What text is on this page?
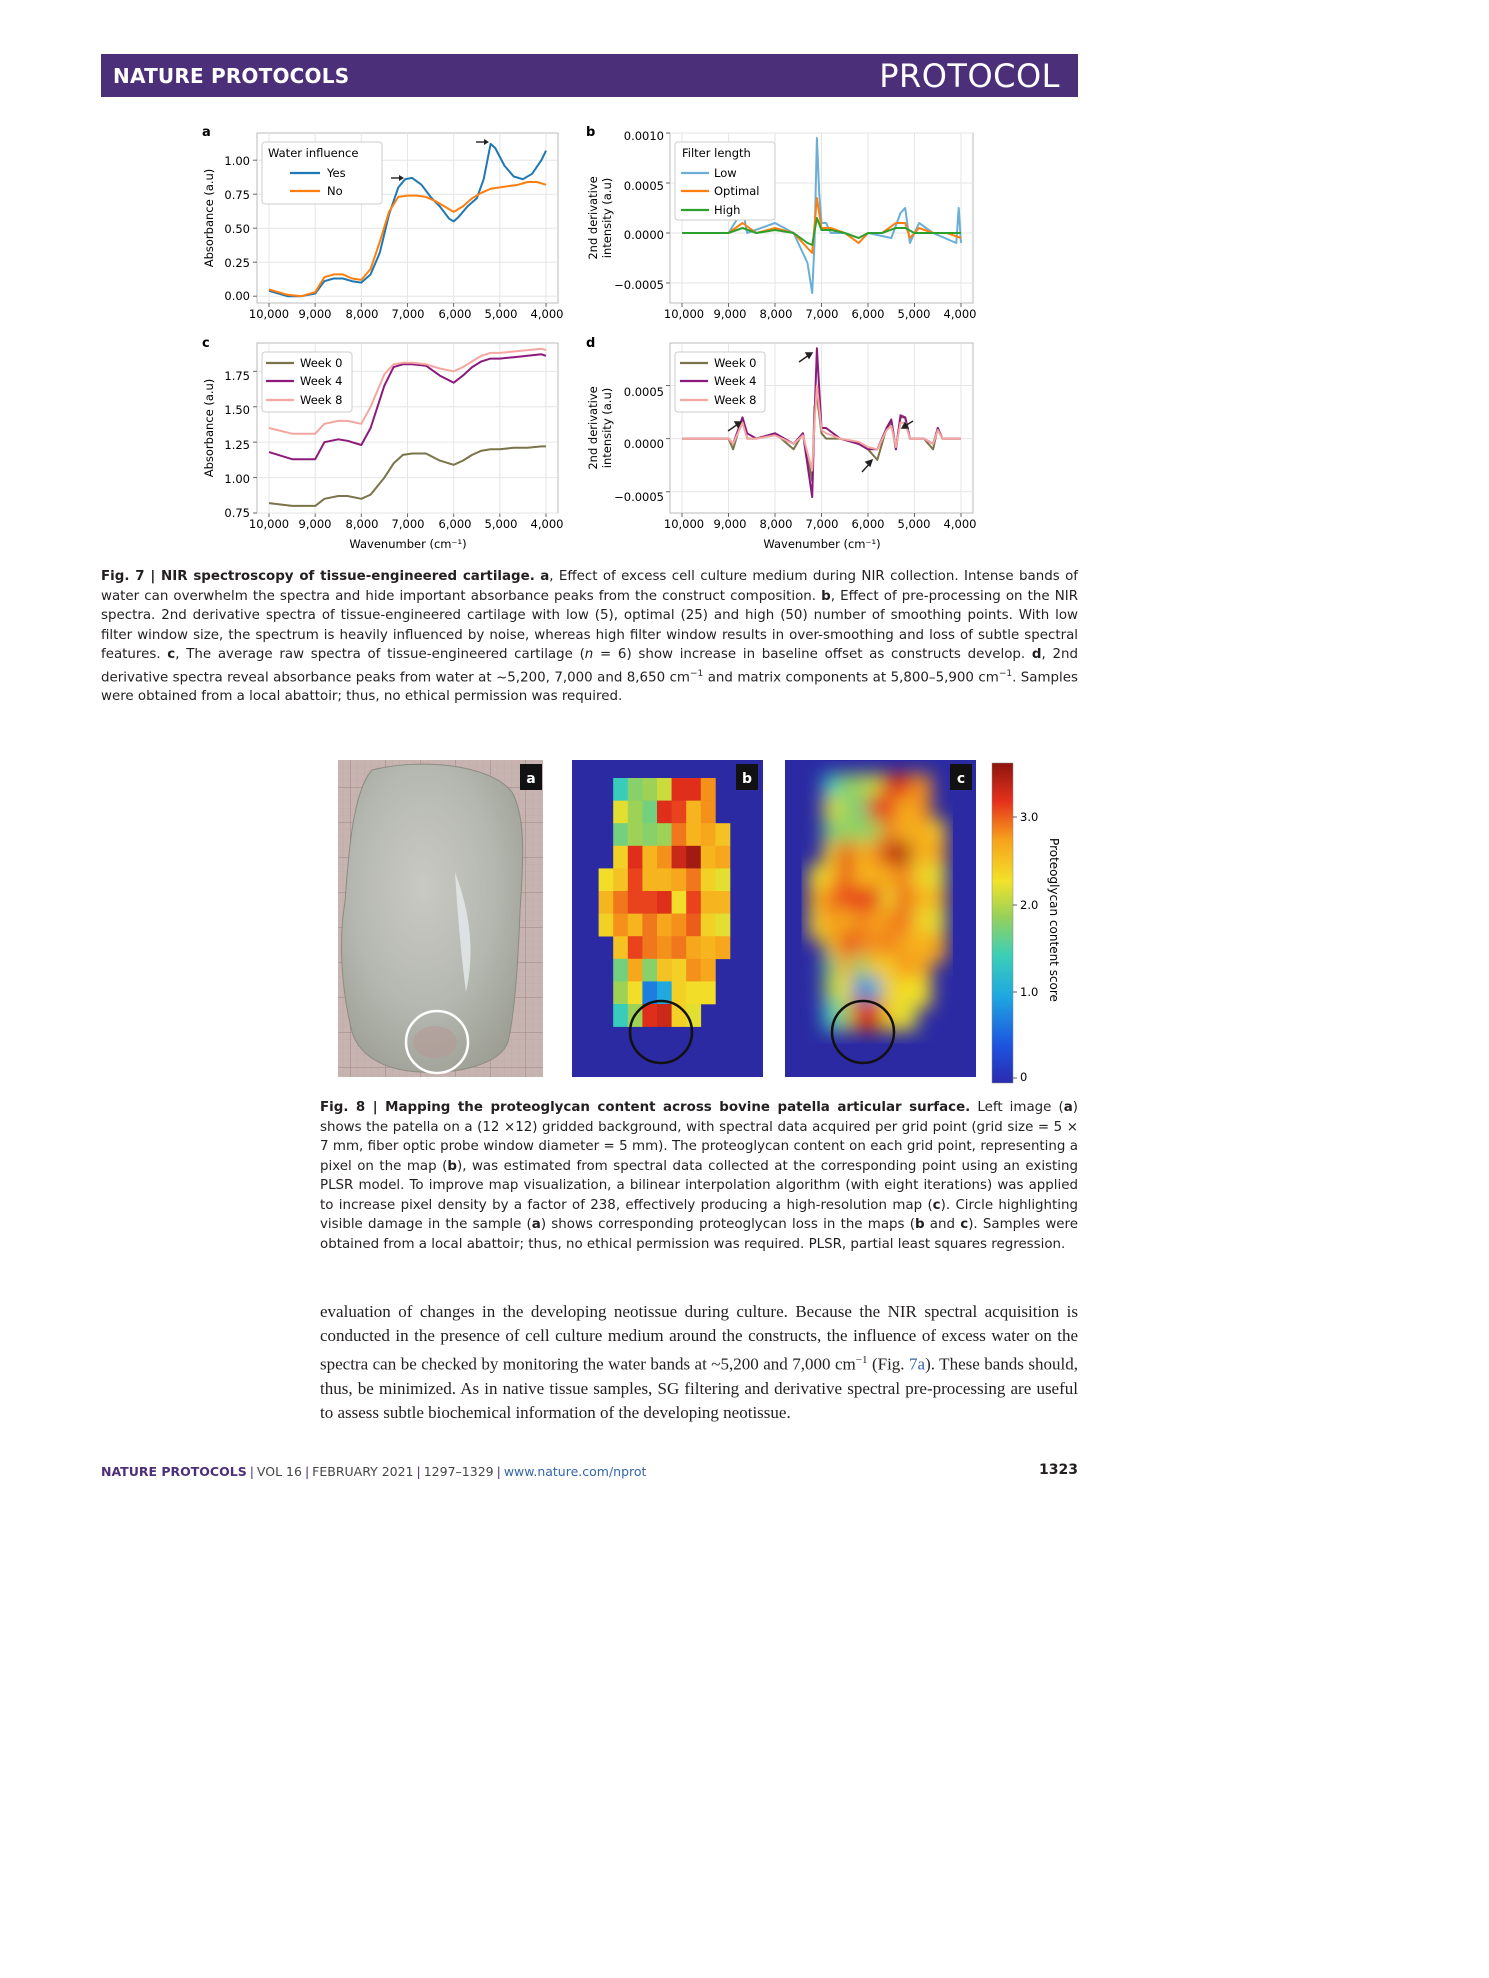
NATURE PROTOCOLS	PROTOCOL
a
1.00
0.75
0.50
0.25
0.00
10,000 9,000 8,000 7,000 6,000 5,000 4,000
Absorbance (a.u)
Water influence
Yes
No
b 0.0010
0.0005
0.0000
−0.0005
10,000 9,000 8,000 7,000 6,000 5,000 4,000
2nd derivative intensity (a.u)
Filter length
Low
Optimal
High
c
1.75
1.50
1.25
1.00
0.75
10,000 9,000 8,000 7,000 6,000 5,000 4,000
Wavenumber (cm⁻¹)
Absorbance (a.u)
Week 0
Week 4
Week 8
d
0.0005
0.0000
−0.0005
10,000 9,000 8,000 7,000 6,000 5,000 4,000
Wavenumber (cm⁻¹)
2nd derivative intensity (a.u)
Week 0
Week 4
Week 8
Fig. 7 | NIR spectroscopy of tissue-engineered cartilage. a, Effect of excess cell culture medium during NIR collection. Intense bands of water can overwhelm the spectra and hide important absorbance peaks from the construct composition. b, Effect of pre-processing on the NIR spectra. 2nd derivative spectra of tissue-engineered cartilage with low (5), optimal (25) and high (50) number of smoothing points. With low filter window size, the spectrum is heavily influenced by noise, whereas high filter window results in over-smoothing and loss of subtle spectral features. c, The average raw spectra of tissue-engineered cartilage (n = 6) show increase in baseline offset as constructs develop. d, 2nd derivative spectra reveal absorbance peaks from water at ~5,200, 7,000 and 8,650 $cm^{-1}$ and matrix components at 5,800–5,900 $cm^{-1}$. Samples were obtained from a local abattoir; thus, no ethical permission was required.
a	b	c
3.0
2.0
1.0
0
Proteoglycan content score
Fig. 8 | Mapping the proteoglycan content across bovine patella articular surface. Left image (a) shows the patella on a (12 ×12) gridded background, with spectral data acquired per grid point (grid size = 5 × 7 mm, fiber optic probe window diameter = 5 mm). The proteoglycan content on each grid point, representing a pixel on the map (b), was estimated from spectral data collected at the corresponding point using an existing PLSR model. To improve map visualization, a bilinear interpolation algorithm (with eight iterations) was applied to increase pixel density by a factor of 238, effectively producing a high-resolution map (c). Circle highlighting visible damage in the sample (a) shows corresponding proteoglycan loss in the maps (b and c). Samples were obtained from a local abattoir; thus, no ethical permission was required. PLSR, partial least squares regression.
evaluation of changes in the developing neotissue during culture. Because the NIR spectral acquisition is conducted in the presence of cell culture medium around the constructs, the influence of excess water on the spectra can be checked by monitoring the water bands at ~5,200 and 7,000 $cm^{-1}$ (Fig. 7a). These bands should, thus, be minimized. As in native tissue samples, SG filtering and derivative spectral pre-processing are useful to assess subtle biochemical information of the developing neotissue.
NATURE PROTOCOLS | VOL 16 | FEBRUARY 2021 | 1297–1329 | www.nature.com/nprot	1323
